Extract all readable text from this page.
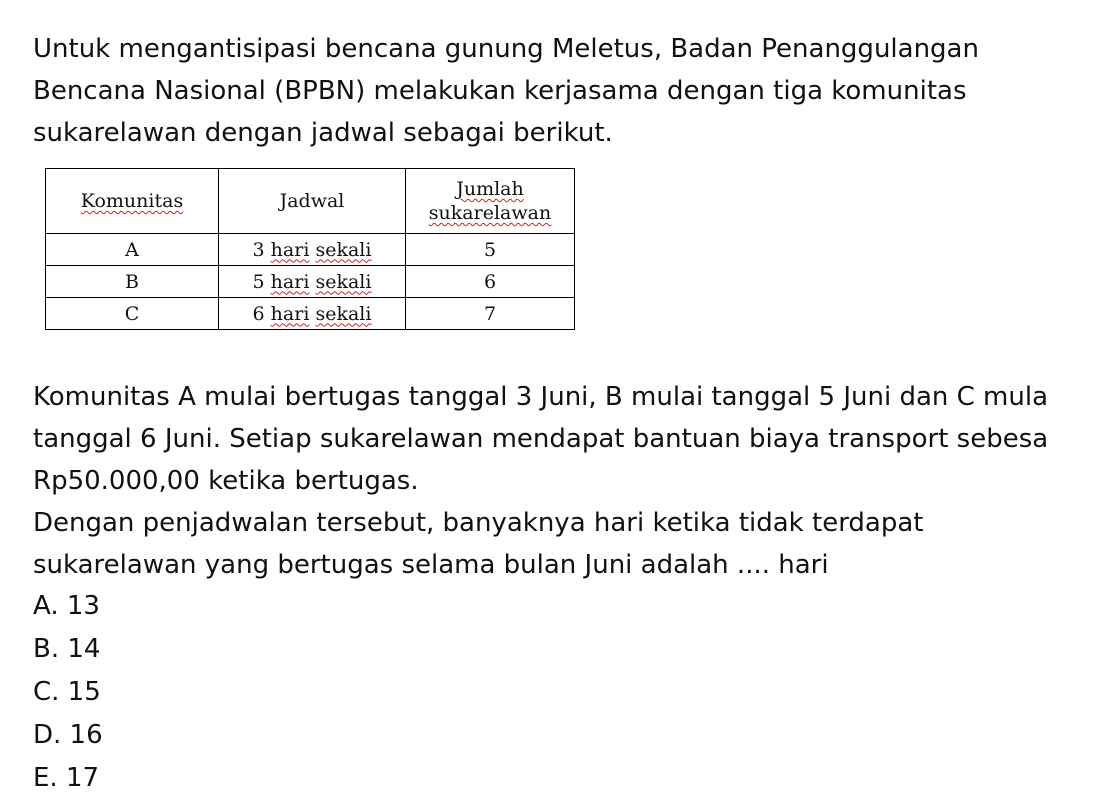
Untuk mengantisipasi bencana gunung Meletus, Badan Penanggulangan
Bencana Nasional (BPBN) melakukan kerjasama dengan tiga komunitas
sukarelawan dengan jadwal sebagai berikut.
Komunitas	Jadwal	Jumlah
sukarelawan
A	3 hari sekali	5
B	5 hari sekali	6
C	6 hari sekali	7
Komunitas A mulai bertugas tanggal 3 Juni, B mulai tanggal 5 Juni dan C mula
tanggal 6 Juni. Setiap sukarelawan mendapat bantuan biaya transport sebesa
Rp50.000,00 ketika bertugas.
Dengan penjadwalan tersebut, banyaknya hari ketika tidak terdapat
sukarelawan yang bertugas selama bulan Juni adalah .... hari
A. 13
B. 14
C. 15
D. 16
E. 17
